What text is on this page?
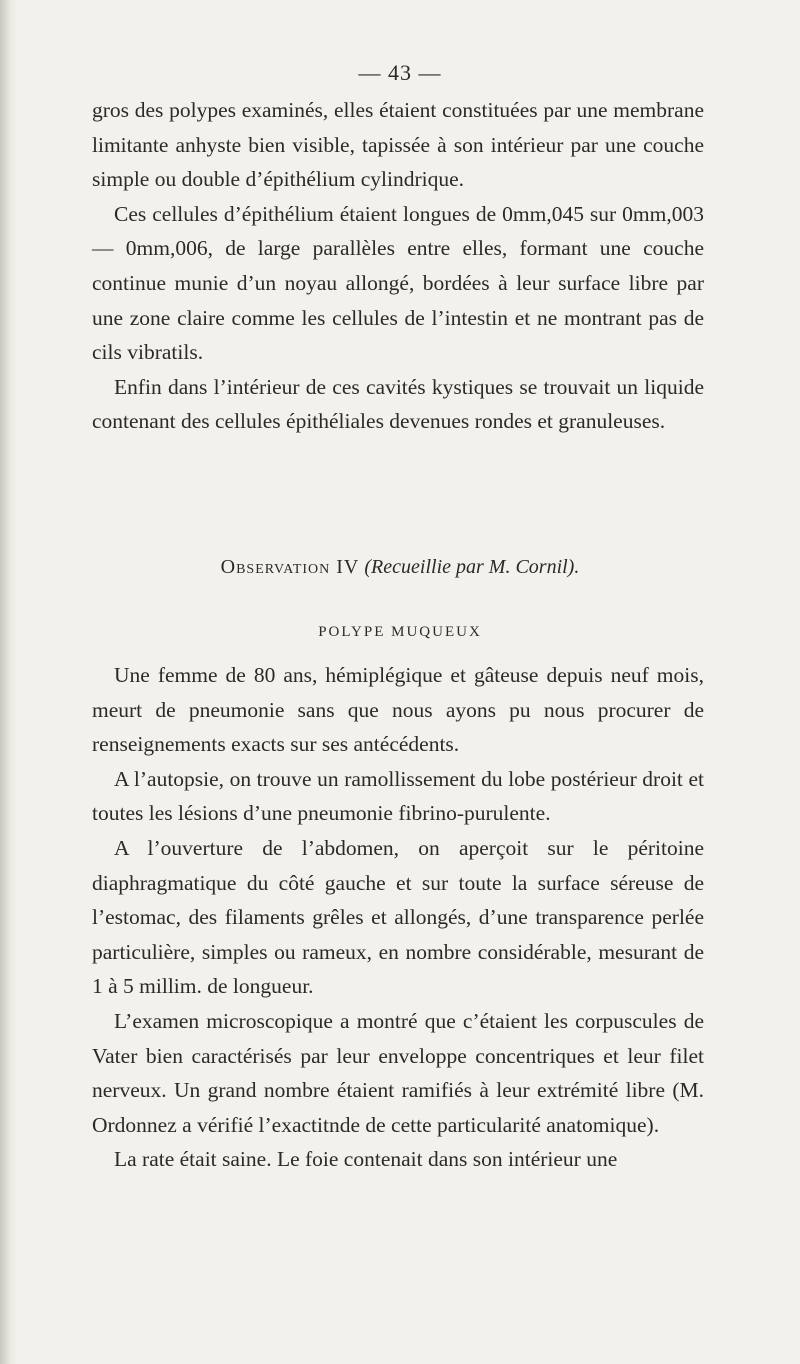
— 43 —

gros des polypes examinés, elles étaient constituées par une membrane limitante anhyste bien visible, tapissée à son intérieur par une couche simple ou double d’épithélium cylindrique.

Ces cellules d’épithélium étaient longues de 0mm,045 sur 0mm,003 — 0mm,006, de large parallèles entre elles, formant une couche continue munie d’un noyau allongé, bordées à leur surface libre par une zone claire comme les cellules de l’intestin et ne montrant pas de cils vibratils.

Enfin dans l’intérieur de ces cavités kystiques se trouvait un liquide contenant des cellules épithéliales devenues rondes et granuleuses.

Observation IV (Recueillie par M. Cornil).
POLYPE MUQUEUX

Une femme de 80 ans, hémiplégique et gâteuse depuis neuf mois, meurt de pneumonie sans que nous ayons pu nous procurer de renseignements exacts sur ses antécédents.

A l’autopsie, on trouve un ramollissement du lobe postérieur droit et toutes les lésions d’une pneumonie fibrino-purulente.

A l’ouverture de l’abdomen, on aperçoit sur le péritoine diaphragmatique du côté gauche et sur toute la surface séreuse de l’estomac, des filaments grêles et allongés, d’une transparence perlée particulière, simples ou rameux, en nombre considérable, mesurant de 1 à 5 millim. de longueur.

L’examen microscopique a montré que c’étaient les corpuscules de Vater bien caractérisés par leur enveloppe concentriques et leur filet nerveux. Un grand nombre étaient ramifiés à leur extrémité libre (M. Ordonnez a vérifié l’exactitnde de cette particularité anatomique).

La rate était saine. Le foie contenait dans son intérieur une
